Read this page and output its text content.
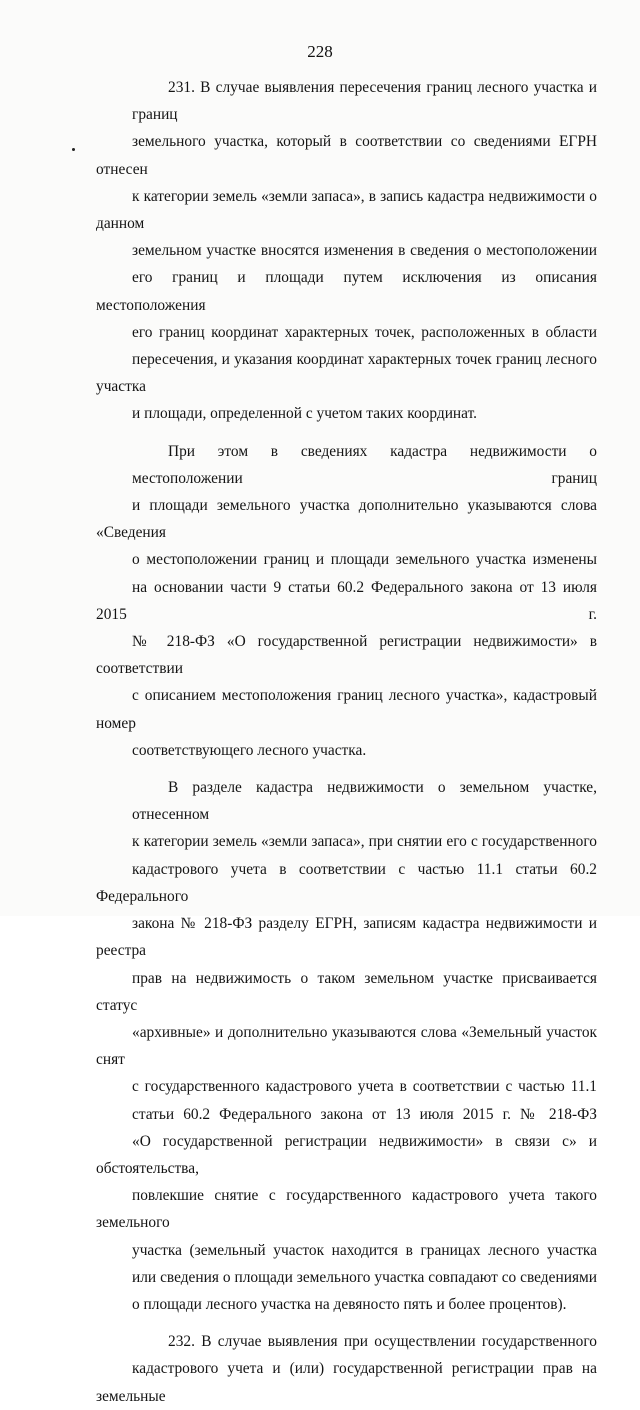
228
231. В случае выявления пересечения границ лесного участка и границ
земельного участка, который в соответствии со сведениями ЕГРН отнесен
к категории земель «земли запаса», в запись кадастра недвижимости о данном
земельном участке вносятся изменения в сведения о местоположении
его границ и площади путем исключения из описания местоположения
его границ координат характерных точек, расположенных в области
пересечения, и указания координат характерных точек границ лесного участка
и площади, определенной с учетом таких координат.
При этом в сведениях кадастра недвижимости о местоположении границ
и площади земельного участка дополнительно указываются слова «Сведения
о местоположении границ и площади земельного участка изменены
на основании части 9 статьи 60.2 Федерального закона от 13 июля 2015 г.
№ 218-ФЗ «О государственной регистрации недвижимости» в соответствии
с описанием местоположения границ лесного участка», кадастровый номер
соответствующего лесного участка.
В разделе кадастра недвижимости о земельном участке, отнесенном
к категории земель «земли запаса», при снятии его с государственного
кадастрового учета в соответствии с частью 11.1 статьи 60.2 Федерального
закона № 218-ФЗ разделу ЕГРН, записям кадастра недвижимости и реестра
прав на недвижимость о таком земельном участке присваивается статус
«архивные» и дополнительно указываются слова «Земельный участок снят
с государственного кадастрового учета в соответствии с частью 11.1
статьи 60.2 Федерального закона от 13 июля 2015 г. № 218-ФЗ
«О государственной регистрации недвижимости» в связи с» и обстоятельства,
повлекшие снятие с государственного кадастрового учета такого земельного
участка (земельный участок находится в границах лесного участка
или сведения о площади земельного участка совпадают со сведениями
о площади лесного участка на девяносто пять и более процентов).
232. В случае выявления при осуществлении государственного
кадастрового учета и (или) государственной регистрации прав на земельные
